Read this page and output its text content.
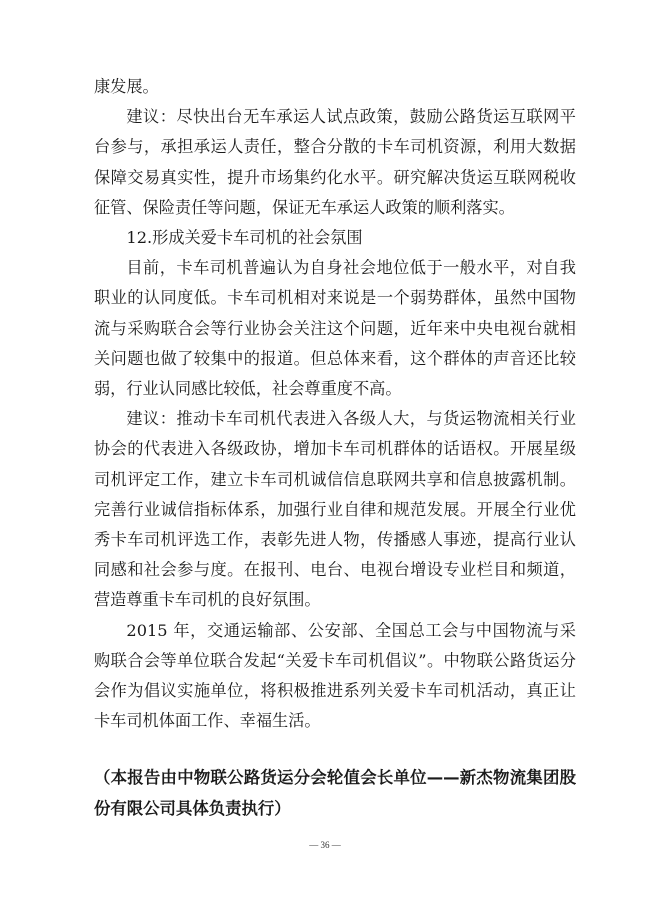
康发展。

建议：尽快出台无车承运人试点政策，鼓励公路货运互联网平台参与，承担承运人责任，整合分散的卡车司机资源，利用大数据保障交易真实性，提升市场集约化水平。研究解决货运互联网税收征管、保险责任等问题，保证无车承运人政策的顺利落实。

12.形成关爱卡车司机的社会氛围

目前，卡车司机普遍认为自身社会地位低于一般水平，对自我职业的认同度低。卡车司机相对来说是一个弱势群体，虽然中国物流与采购联合会等行业协会关注这个问题，近年来中央电视台就相关问题也做了较集中的报道。但总体来看，这个群体的声音还比较弱，行业认同感比较低，社会尊重度不高。

建议：推动卡车司机代表进入各级人大，与货运物流相关行业协会的代表进入各级政协，增加卡车司机群体的话语权。开展星级司机评定工作，建立卡车司机诚信信息联网共享和信息披露机制。完善行业诚信指标体系，加强行业自律和规范发展。开展全行业优秀卡车司机评选工作，表彰先进人物，传播感人事迹，提高行业认同感和社会参与度。在报刊、电台、电视台增设专业栏目和频道，营造尊重卡车司机的良好氛围。

2015 年，交通运输部、公安部、全国总工会与中国物流与采购联合会等单位联合发起“关爱卡车司机倡议”。中物联公路货运分会作为倡议实施单位，将积极推进系列关爱卡车司机活动，真正让卡车司机体面工作、幸福生活。

（本报告由中物联公路货运分会轮值会长单位——新杰物流集团股份有限公司具体负责执行）

— 36 —
